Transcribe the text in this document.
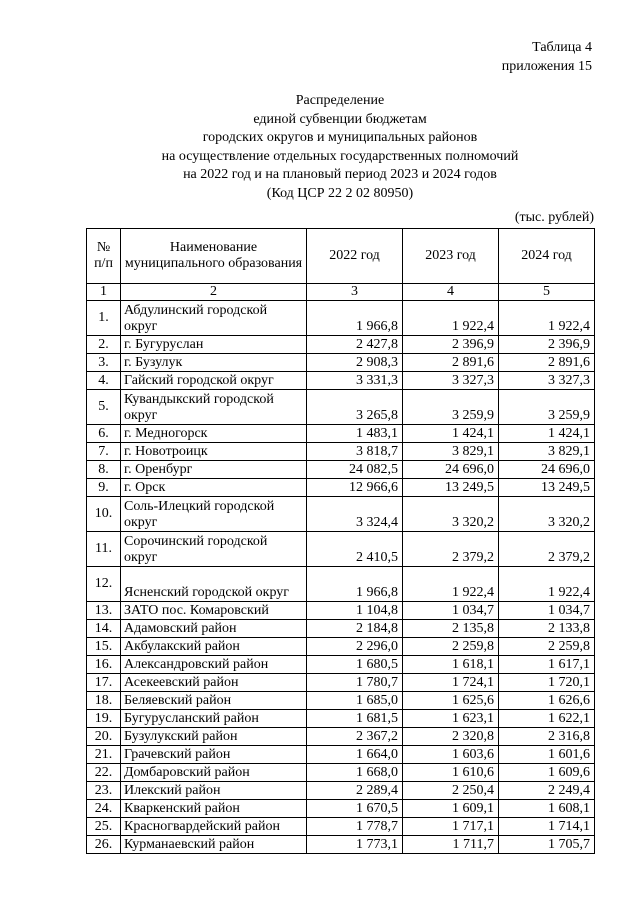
Таблица 4
приложения 15
Распределение
единой субвенции бюджетам
городских округов и муниципальных районов
на осуществление отдельных государственных полномочий
на 2022 год и на плановый период 2023 и 2024 годов
(Код ЦСР 22 2 02 80950)
(тыс. рублей)
№ п/п	Наименование муниципального образования	2022 год	2023 год	2024 год
1	2	3	4	5
1.	Абдулинский городской округ	1 966,8	1 922,4	1 922,4
2.	г. Бугуруслан	2 427,8	2 396,9	2 396,9
3.	г. Бузулук	2 908,3	2 891,6	2 891,6
4.	Гайский городской округ	3 331,3	3 327,3	3 327,3
5.	Кувандыкский городской округ	3 265,8	3 259,9	3 259,9
6.	г. Медногорск	1 483,1	1 424,1	1 424,1
7.	г. Новотроицк	3 818,7	3 829,1	3 829,1
8.	г. Оренбург	24 082,5	24 696,0	24 696,0
9.	г. Орск	12 966,6	13 249,5	13 249,5
10.	Соль-Илецкий городской округ	3 324,4	3 320,2	3 320,2
11.	Сорочинский городской округ	2 410,5	2 379,2	2 379,2
12.	Ясненский городской округ	1 966,8	1 922,4	1 922,4
13.	ЗАТО пос. Комаровский	1 104,8	1 034,7	1 034,7
14.	Адамовский район	2 184,8	2 135,8	2 133,8
15.	Акбулакский район	2 296,0	2 259,8	2 259,8
16.	Александровский район	1 680,5	1 618,1	1 617,1
17.	Асекеевский район	1 780,7	1 724,1	1 720,1
18.	Беляевский район	1 685,0	1 625,6	1 626,6
19.	Бугурусланский район	1 681,5	1 623,1	1 622,1
20.	Бузулукский район	2 367,2	2 320,8	2 316,8
21.	Грачевский район	1 664,0	1 603,6	1 601,6
22.	Домбаровский район	1 668,0	1 610,6	1 609,6
23.	Илекский район	2 289,4	2 250,4	2 249,4
24.	Кваркенский район	1 670,5	1 609,1	1 608,1
25.	Красногвардейский район	1 778,7	1 717,1	1 714,1
26.	Курманаевский район	1 773,1	1 711,7	1 705,7
